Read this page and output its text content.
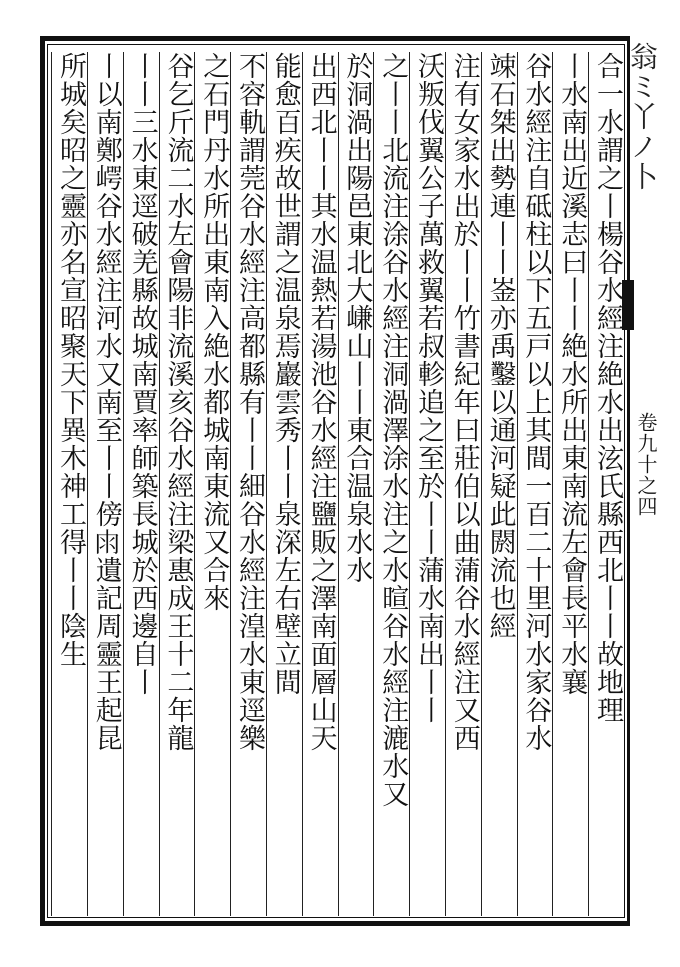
翁ミ丫ノ卜
卷九十之四
合一水謂之丨楊谷水經注絶水出泫氏縣西北丨丨故地理
丨水南出近溪志曰丨丨絶水所出東南流左會長平水襄
谷水經注自砥柱以下五戸以上其間一百二十里河水家谷水
竦石桀出勢連丨丨崟亦禹鑿以通河疑此閼流也經
注有女家水出於丨丨竹書紀年曰莊伯以曲蒲谷水經注又西
沃叛伐翼公子萬救翼若叔軫追之至於丨丨蒲水南出丨丨
之丨丨北流注涂谷水經注洞渦澤涂水注之水暄谷水經注漉水又
於洞渦出陽邑東北大嵰山丨丨東合温泉水水
出西北丨丨其水温熱若湯池谷水經注鹽販之澤南面層山天
能愈百疾故世謂之温泉焉巖雲秀丨丨泉深左右壁立間
不容軌謂莞谷水經注高都縣有丨丨細谷水經注湟水東逕樂
之石門丹水所出東南入絶水都城南東流又合來
谷乞斤流二水左會陽非流溪亥谷水經注梁惠成王十二年龍
丨丨三水東逕破羌縣故城南賈率師築長城於西邊自丨
丨以南鄭崿谷水經注河水又南至丨丨傍𠕒遺記周靈王起昆
所城矣昭之靈亦名宣昭聚天下異木神工得丨丨陰生
